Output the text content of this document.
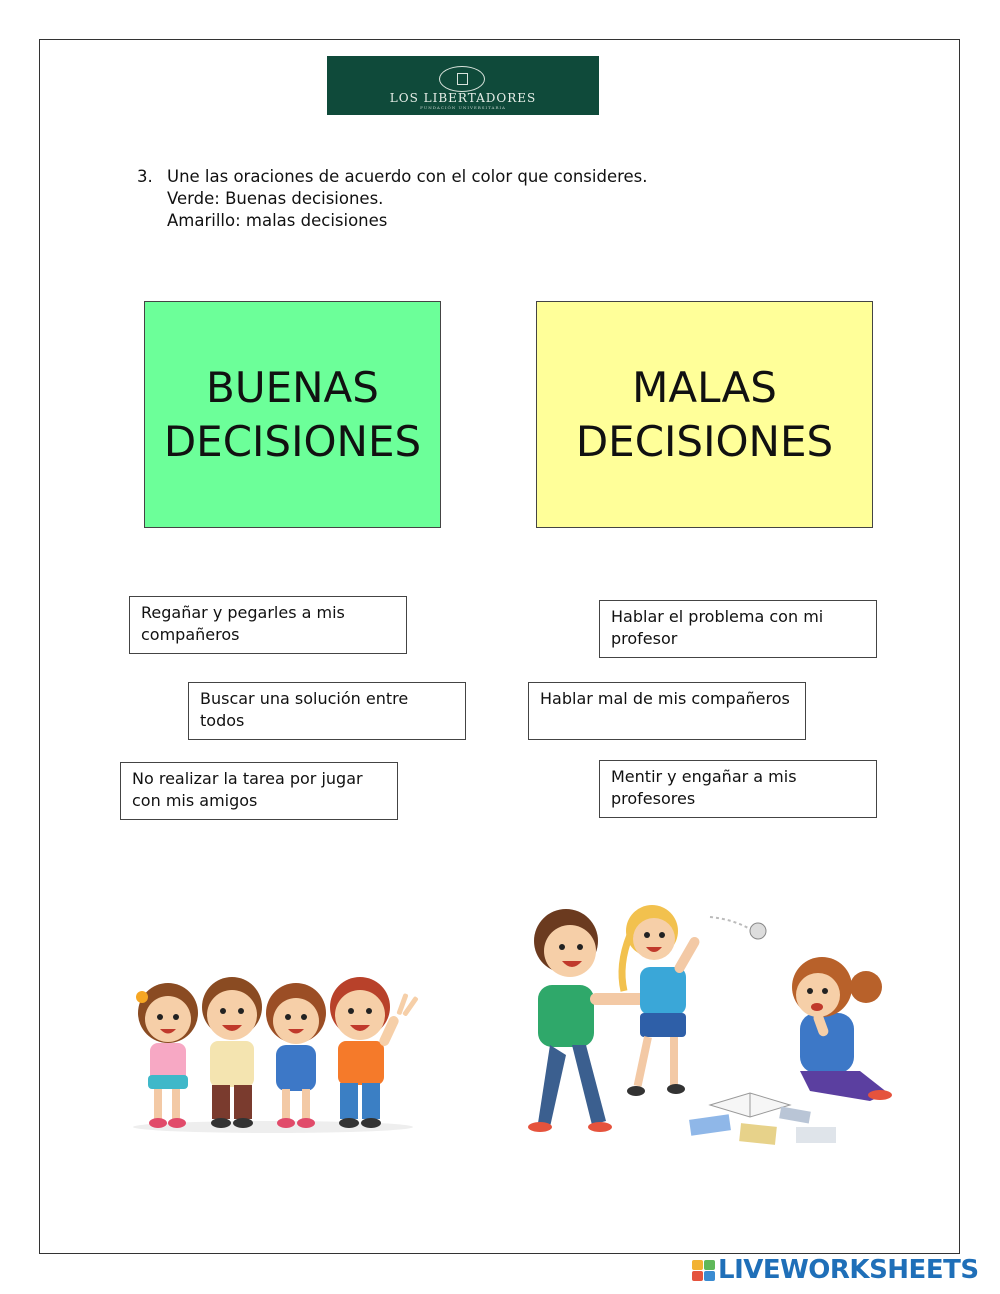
LOS LIBERTADORES
FUNDACIÓN UNIVERSITARIA
3. Une las oraciones de acuerdo con el color que consideres.
Verde: Buenas decisiones.
Amarillo: malas decisiones
BUENAS
DECISIONES
MALAS
DECISIONES
Regañar y pegarles a mis compañeros
Hablar el problema con mi profesor
Buscar una solución entre todos
Hablar mal de mis compañeros
No realizar la tarea por jugar con mis amigos
Mentir y engañar a mis profesores
LIVEWORKSHEETS
